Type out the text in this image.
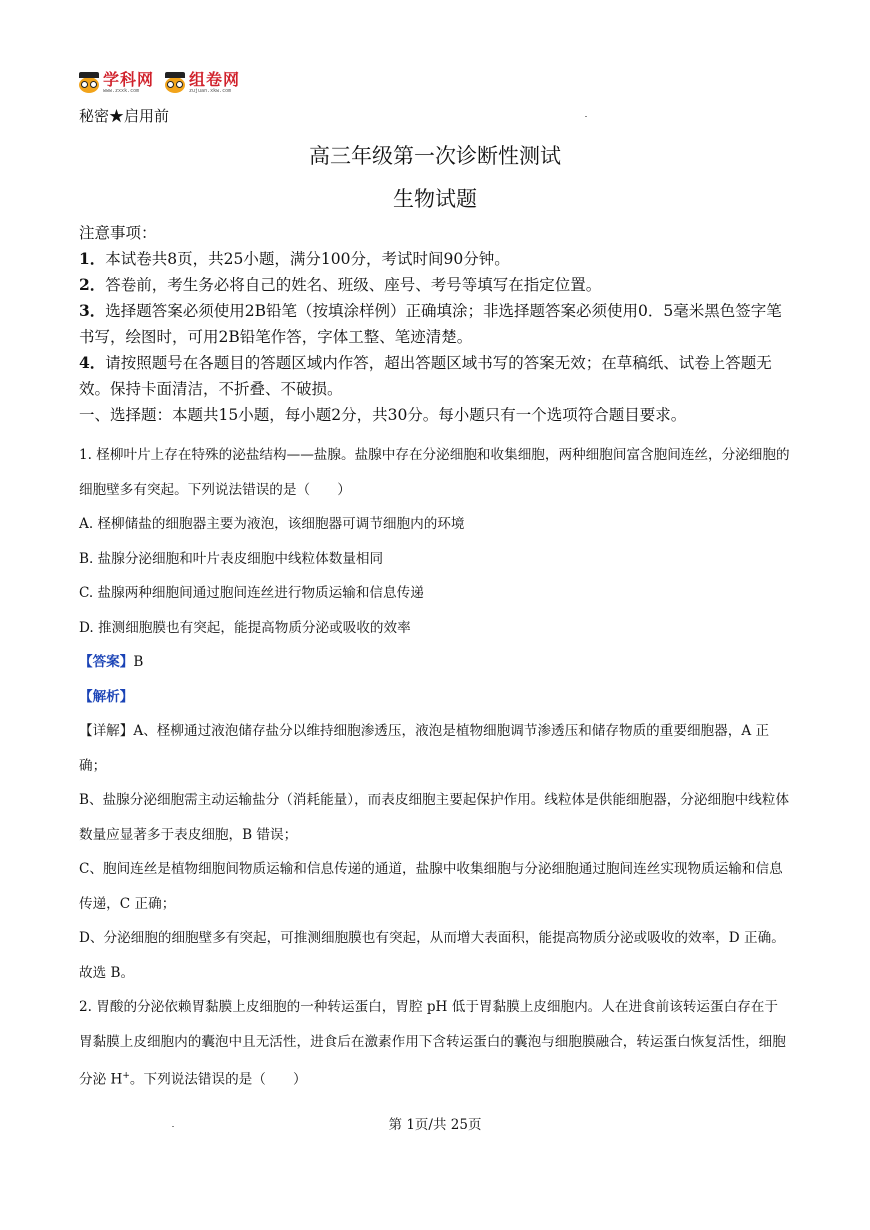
学科网
www.zxxk.com
组卷网
zujuan.xkw.com
秘密★启用前
高三年级第一次诊断性测试
生物试题

注意事项：

1．本试卷共8页，共25小题，满分100分，考试时间90分钟。

2．答卷前，考生务必将自己的姓名、班级、座号、考号等填写在指定位置。

3．选择题答案必须使用2B铅笔（按填涂样例）正确填涂；非选择题答案必须使用0．5毫米黑色签字笔书写，绘图时，可用2B铅笔作答，字体工整、笔迹清楚。

4．请按照题号在各题目的答题区域内作答，超出答题区域书写的答案无效；在草稿纸、试卷上答题无效。保持卡面清洁，不折叠、不破损。

一、选择题：本题共15小题，每小题2分，共30分。每小题只有一个选项符合题目要求。

1. 柽柳叶片上存在特殊的泌盐结构——盐腺。盐腺中存在分泌细胞和收集细胞，两种细胞间富含胞间连丝，分泌细胞的细胞壁多有突起。下列说法错误的是（　　）

A. 柽柳储盐的细胞器主要为液泡，该细胞器可调节细胞内的环境

B. 盐腺分泌细胞和叶片表皮细胞中线粒体数量相同

C. 盐腺两种细胞间通过胞间连丝进行物质运输和信息传递

D. 推测细胞膜也有突起，能提高物质分泌或吸收的效率

【答案】B

【解析】

【详解】A、柽柳通过液泡储存盐分以维持细胞渗透压，液泡是植物细胞调节渗透压和储存物质的重要细胞器，A 正确；

B、盐腺分泌细胞需主动运输盐分（消耗能量），而表皮细胞主要起保护作用。线粒体是供能细胞器，分泌细胞中线粒体数量应显著多于表皮细胞，B 错误；

C、胞间连丝是植物细胞间物质运输和信息传递的通道，盐腺中收集细胞与分泌细胞通过胞间连丝实现物质运输和信息传递，C 正确；

D、分泌细胞的细胞壁多有突起，可推测细胞膜也有突起，从而增大表面积，能提高物质分泌或吸收的效率，D 正确。

故选 B。

2. 胃酸的分泌依赖胃黏膜上皮细胞的一种转运蛋白，胃腔 pH 低于胃黏膜上皮细胞内。人在进食前该转运蛋白存在于胃黏膜上皮细胞内的囊泡中且无活性，进食后在激素作用下含转运蛋白的囊泡与细胞膜融合，转运蛋白恢复活性，细胞分泌 H+。下列说法错误的是（　　）

第 1页/共 25页
